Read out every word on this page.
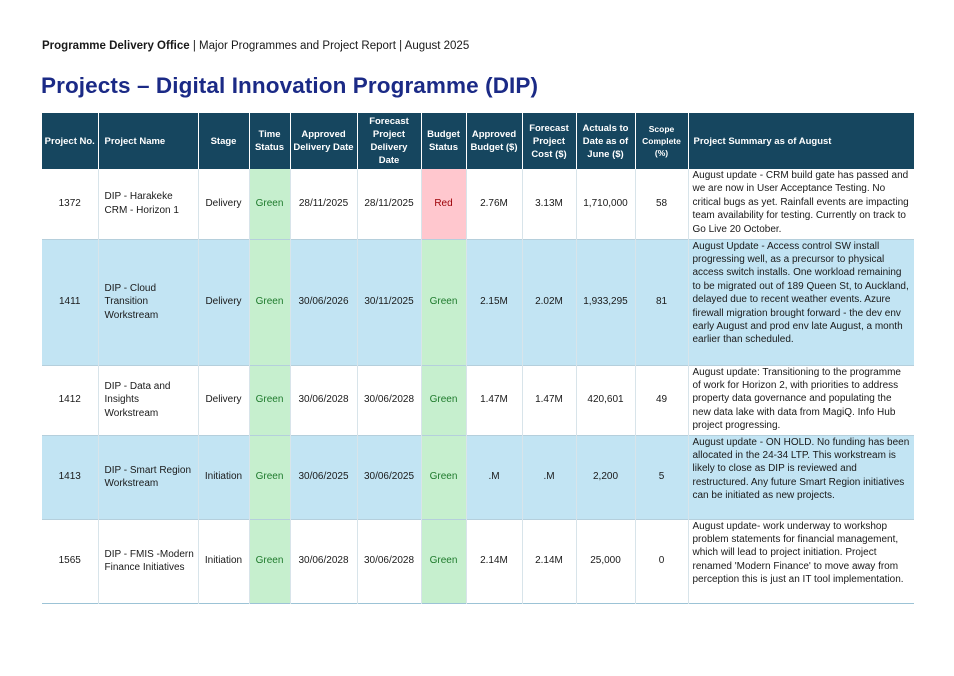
Programme Delivery Office | Major Programmes and Project Report | August 2025
Projects – Digital Innovation Programme (DIP)
Project No.	Project Name	Stage	Time Status	Approved Delivery Date	Forecast Project Delivery Date	Budget Status	Approved Budget ($)	Forecast Project Cost ($)	Actuals to Date as of June ($)	Scope Complete (%)	Project Summary as of August
1372	DIP - Harakeke CRM - Horizon 1	Delivery	Green	28/11/2025	28/11/2025	Red	2.76M	3.13M	1,710,000	58	August update - CRM build gate has passed and we are now in User Acceptance Testing. No critical bugs as yet. Rainfall events are impacting team availability for testing. Currently on track to Go Live 20 October.
1411	DIP - Cloud Transition Workstream	Delivery	Green	30/06/2026	30/11/2025	Green	2.15M	2.02M	1,933,295	81	August Update - Access control SW install progressing well, as a precursor to physical access switch installs. One workload remaining to be migrated out of 189 Queen St, to Auckland, delayed due to recent weather events. Azure firewall migration brought forward - the dev env early August and prod env late August, a month earlier than scheduled.
1412	DIP - Data and Insights Workstream	Delivery	Green	30/06/2028	30/06/2028	Green	1.47M	1.47M	420,601	49	August update: Transitioning to the programme of work for Horizon 2, with priorities to address property data governance and populating the new data lake with data from MagiQ. Info Hub project progressing.
1413	DIP - Smart Region Workstream	Initiation	Green	30/06/2025	30/06/2025	Green	.M	.M	2,200	5	August update - ON HOLD. No funding has been allocated in the 24-34 LTP. This workstream is likely to close as DIP is reviewed and restructured. Any future Smart Region initiatives can be initiated as new projects.
1565	DIP - FMIS -Modern Finance Initiatives	Initiation	Green	30/06/2028	30/06/2028	Green	2.14M	2.14M	25,000	0	August update- work underway to workshop problem statements for financial management, which will lead to project initiation. Project renamed 'Modern Finance' to move away from perception this is just an IT tool implementation.
